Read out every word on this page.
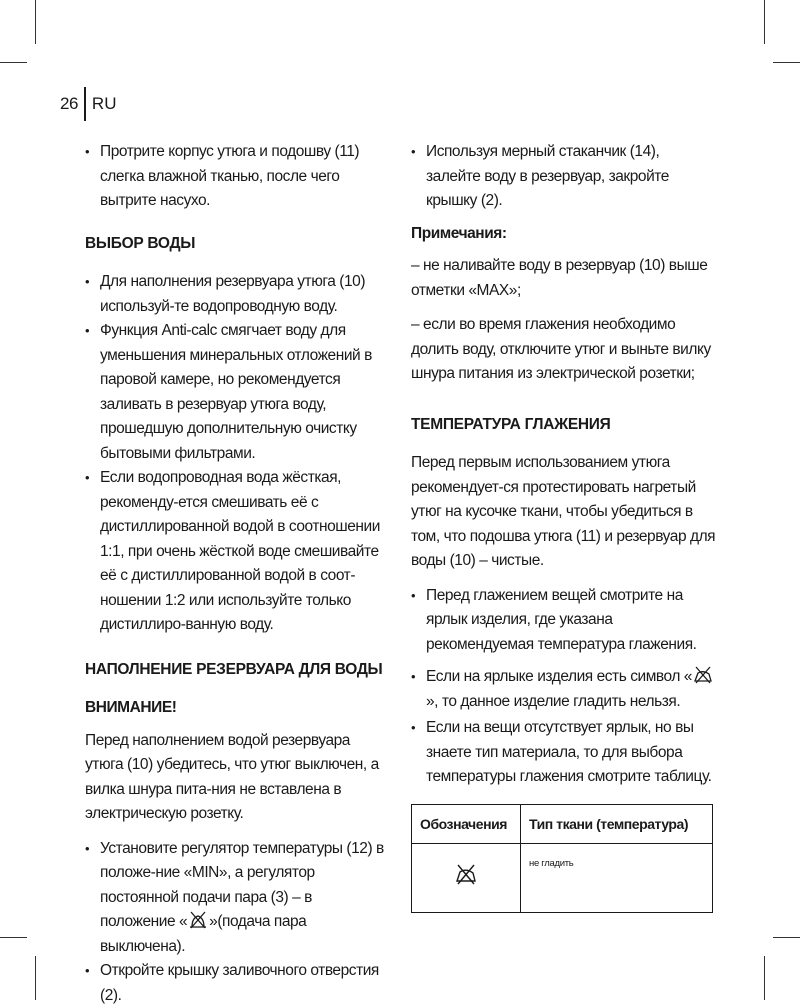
26 RU
• Протрите корпус утюга и подошву (11) слегка влажной тканью, после чего вытрите насухо.
ВЫБОР ВОДЫ
• Для наполнения резервуара утюга (10) используй-те водопроводную воду.
• Функция Anti-calc смягчает воду для уменьшения минеральных отложений в паровой камере, но рекомендуется заливать в резервуар утюга воду, прошедшую дополнительную очистку бытовыми фильтрами.
• Если водопроводная вода жёсткая, рекоменду-ется смешивать её с дистиллированной водой в соотношении 1:1, при очень жёсткой воде смешивайте её с дистиллированной водой в соот-ношении 1:2 или используйте только дистиллиро-ванную воду.
НАПОЛНЕНИЕ РЕЗЕРВУАРА ДЛЯ ВОДЫ
ВНИМАНИЕ!

Перед наполнением водой резервуара утюга (10) убедитесь, что утюг выключен, а вилка шнура пита-ния не вставлена в электрическую розетку.

• Установите регулятор температуры (12) в положе-ние «MIN», а регулятор постоянной подачи пара (3) – в положение « »(подача пара выключена).
• Откройте крышку заливочного отверстия (2).
• Используя мерный стаканчик (14), залейте воду в резервуар, закройте крышку (2).
Примечания:

– не наливайте воду в резервуар (10) выше отметки «MAX»;

– если во время глажения необходимо долить воду, отключите утюг и выньте вилку шнура питания из электрической розетки;

ТЕМПЕРАТУРА ГЛАЖЕНИЯ

Перед первым использованием утюга рекомендует-ся протестировать нагретый утюг на кусочке ткани, чтобы убедиться в том, что подошва утюга (11) и резервуар для воды (10) – чистые.

• Перед глажением вещей смотрите на ярлык изделия, где указана рекомендуемая температура глажения.
• Если на ярлыке изделия есть символ «», то данное изделие гладить нельзя.
• Если на вещи отсутствует ярлык, но вы знаете тип материала, то для выбора температуры глажения смотрите таблицу.
Обозначения	Тип ткани (температура)
	не гладить
